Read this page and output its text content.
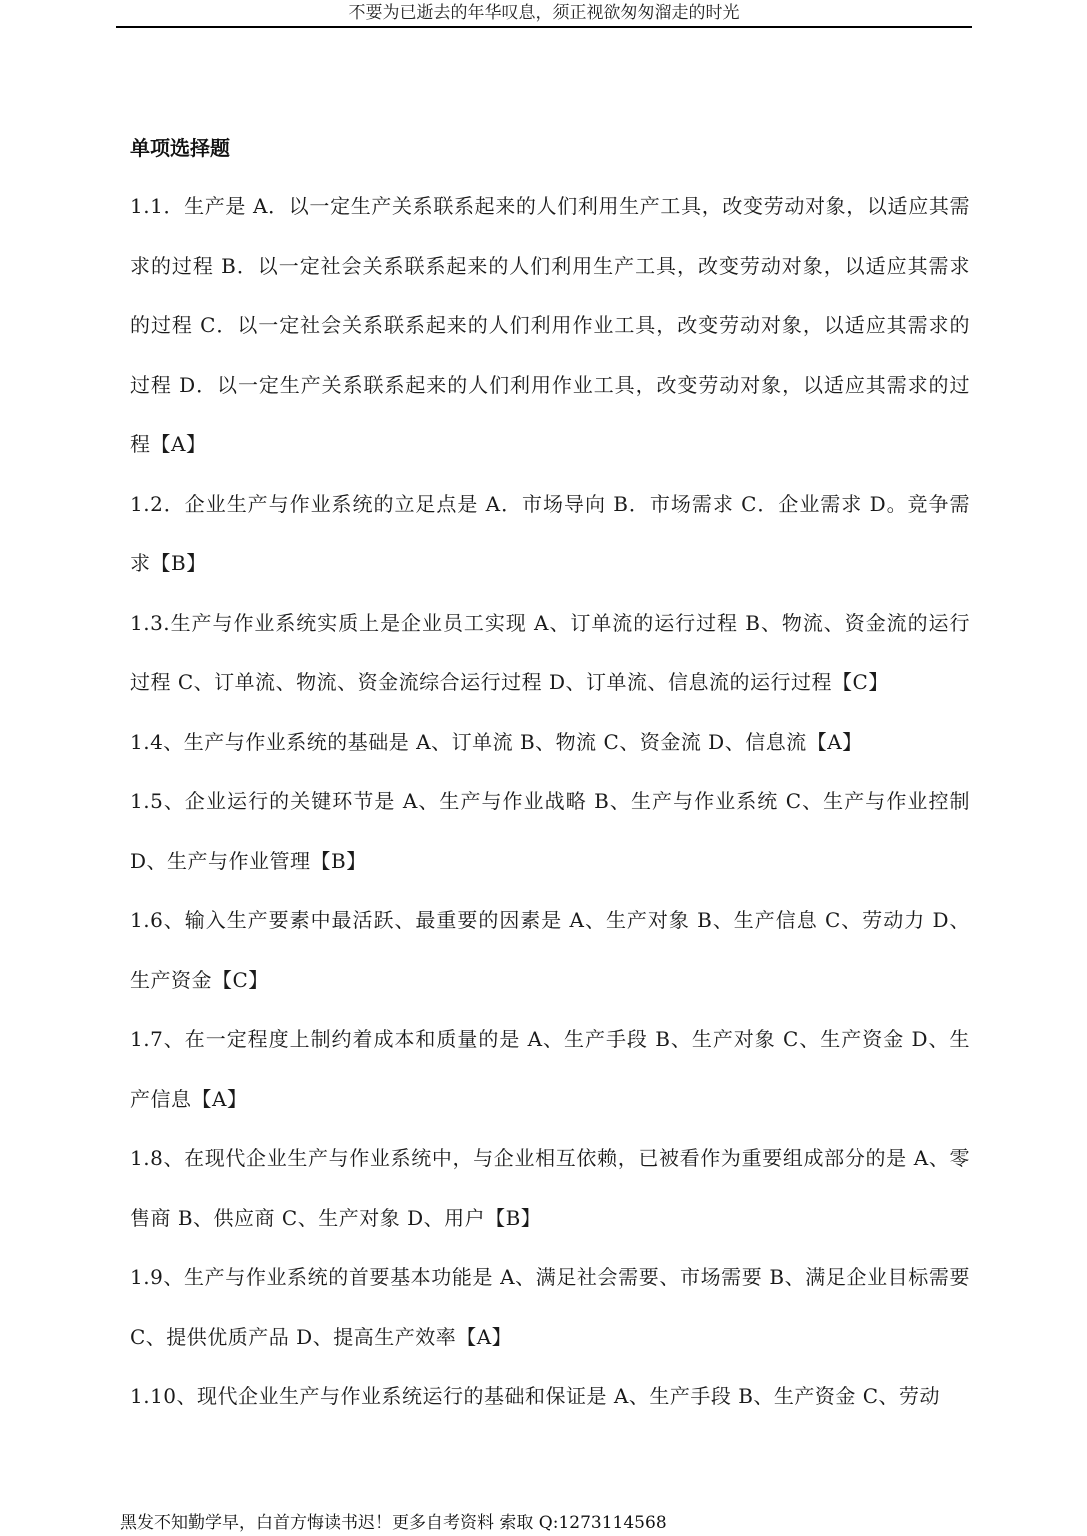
不要为已逝去的年华叹息，须正视欲匆匆溜走的时光
单项选择题

1.1．生产是 A．以一定生产关系联系起来的人们利用生产工具，改变劳动对象，以适应其需求的过程 B．以一定社会关系联系起来的人们利用生产工具，改变劳动对象，以适应其需求的过程 C．以一定社会关系联系起来的人们利用作业工具，改变劳动对象，以适应其需求的过程 D．以一定生产关系联系起来的人们利用作业工具，改变劳动对象，以适应其需求的过程【A】

1.2．企业生产与作业系统的立足点是 A．市场导向 B．市场需求 C．企业需求 D。竞争需求【B】

1.3.生产与作业系统实质上是企业员工实现 A、订单流的运行过程 B、物流、资金流的运行过程 C、订单流、物流、资金流综合运行过程 D、订单流、信息流的运行过程【C】

1.4、生产与作业系统的基础是 A、订单流 B、物流 C、资金流 D、信息流【A】

1.5、企业运行的关键环节是 A、生产与作业战略 B、生产与作业系统 C、生产与作业控制 D、生产与作业管理【B】

1.6、输入生产要素中最活跃、最重要的因素是 A、生产对象 B、生产信息 C、劳动力 D、生产资金【C】

1.7、在一定程度上制约着成本和质量的是 A、生产手段 B、生产对象 C、生产资金 D、生产信息【A】

1.8、在现代企业生产与作业系统中，与企业相互依赖，已被看作为重要组成部分的是 A、零售商 B、供应商 C、生产对象 D、用户【B】

1.9、生产与作业系统的首要基本功能是 A、满足社会需要、市场需要 B、满足企业目标需要 C、提供优质产品 D、提高生产效率【A】

1.10、现代企业生产与作业系统运行的基础和保证是 A、生产手段 B、生产资金 C、劳动

黑发不知勤学早，白首方悔读书迟！更多自考资料 索取 Q:1273114568
